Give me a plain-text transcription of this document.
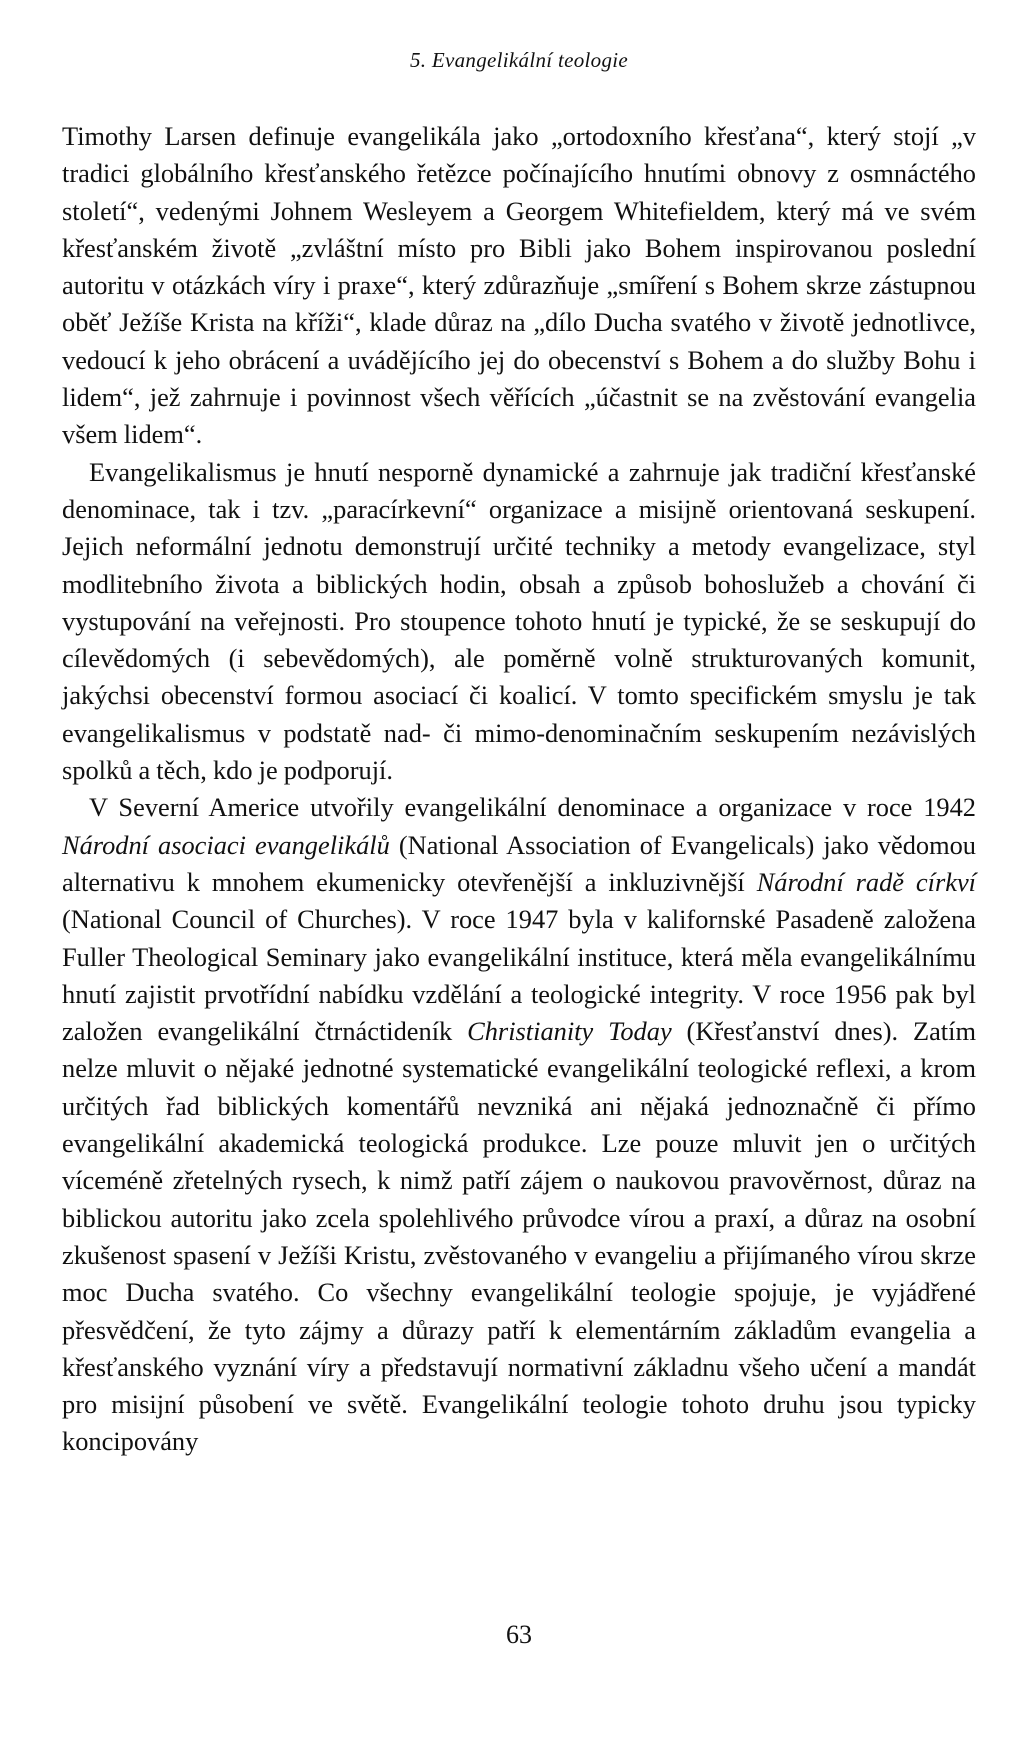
5. Evangelikální teologie

Timothy Larsen definuje evangelikála jako „ortodoxního křesťana“, který stojí „v tradici globálního křesťanského řetězce počínajícího hnutími obnovy z osmnáctého století“, vedenými Johnem Wesleyem a Georgem Whitefieldem, který má ve svém křesťanském životě „zvláštní místo pro Bibli jako Bohem inspirovanou poslední autoritu v otázkách víry i praxe“, který zdůrazňuje „smíření s Bohem skrze zástupnou oběť Ježíše Krista na kříži“, klade důraz na „dílo Ducha svatého v životě jednotlivce, vedoucí k jeho obrácení a uvádějícího jej do obecenství s Bohem a do služby Bohu i lidem“, jež zahrnuje i povinnost všech věřících „účastnit se na zvěstování evangelia všem lidem“.

Evangelikalismus je hnutí nesporně dynamické a zahrnuje jak tradiční křesťanské denominace, tak i tzv. „paracírkevní“ organizace a misijně orientovaná seskupení. Jejich neformální jednotu demonstrují určité techniky a metody evangelizace, styl modlitebního života a biblických hodin, obsah a způsob bohoslužeb a chování či vystupování na veřejnosti. Pro stoupence tohoto hnutí je typické, že se seskupují do cílevědomých (i sebevědomých), ale poměrně volně strukturovaných komunit, jakýchsi obecenství formou asociací či koalicí. V tomto specifickém smyslu je tak evangelikalismus v podstatě nad- či mimo-denominačním seskupením nezávislých spolků a těch, kdo je podporují.

V Severní Americe utvořily evangelikální denominace a organizace v roce 1942 Národní asociaci evangelikálů (National Association of Evangelicals) jako vědomou alternativu k mnohem ekumenicky otevřenější a inkluzivnější Národní radě církví (National Council of Churches). V roce 1947 byla v kalifornské Pasadeně založena Fuller Theological Seminary jako evangelikální instituce, která měla evangelikálnímu hnutí zajistit prvotřídní nabídku vzdělání a teologické integrity. V roce 1956 pak byl založen evangelikální čtrnáctideník Christianity Today (Křesťanství dnes). Zatím nelze mluvit o nějaké jednotné systematické evangelikální teologické reflexi, a krom určitých řad biblických komentářů nevzniká ani nějaká jednoznačně či přímo evangelikální akademická teologická produkce. Lze pouze mluvit jen o určitých víceméně zřetelných rysech, k nimž patří zájem o naukovou pravověrnost, důraz na biblickou autoritu jako zcela spolehlivého průvodce vírou a praxí, a důraz na osobní zkušenost spasení v Ježíši Kristu, zvěstovaného v evangeliu a přijímaného vírou skrze moc Ducha svatého. Co všechny evangelikální teologie spojuje, je vyjádřené přesvědčení, že tyto zájmy a důrazy patří k elementárním základům evangelia a křesťanského vyznání víry a představují normativní základnu všeho učení a mandát pro misijní působení ve světě. Evangelikální teologie tohoto druhu jsou typicky koncipovány

63
